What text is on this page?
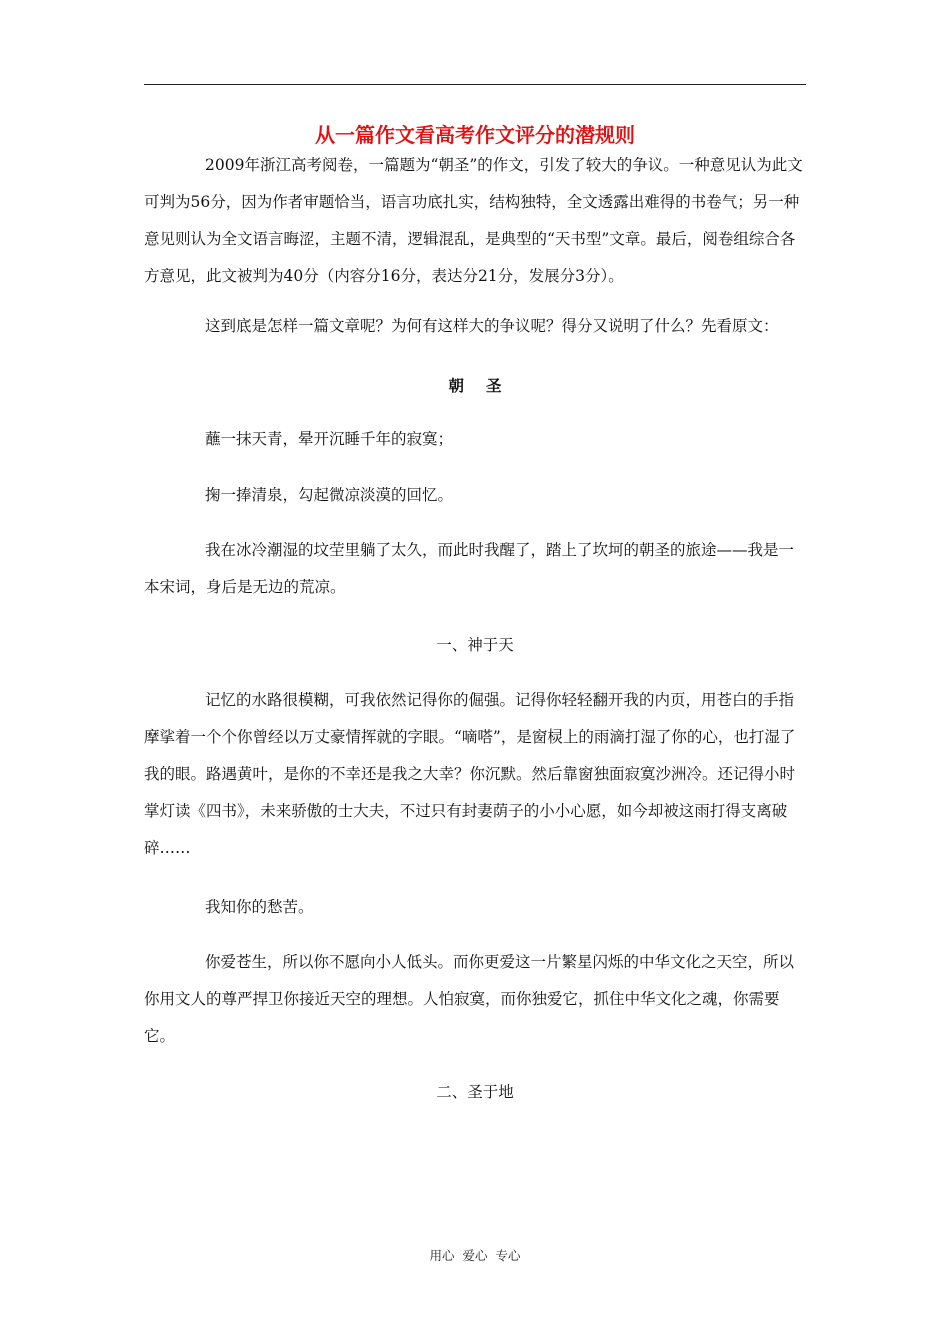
从一篇作文看高考作文评分的潜规则
2009年浙江高考阅卷，一篇题为“朝圣”的作文，引发了较大的争议。一种意见认为此文可判为56分，因为作者审题恰当，语言功底扎实，结构独特，全文透露出难得的书卷气；另一种意见则认为全文语言晦涩，主题不清，逻辑混乱，是典型的“天书型”文章。最后，阅卷组综合各方意见，此文被判为40分（内容分16分，表达分21分，发展分3分）。
这到底是怎样一篇文章呢？为何有这样大的争议呢？得分又说明了什么？先看原文：
朝圣
蘸一抹天青，晕开沉睡千年的寂寞；
掬一捧清泉，勾起微凉淡漠的回忆。
我在冰冷潮湿的坟茔里躺了太久，而此时我醒了，踏上了坎坷的朝圣的旅途——我是一本宋词，身后是无边的荒凉。
一、神于天
记忆的水路很模糊，可我依然记得你的倔强。记得你轻轻翻开我的内页，用苍白的手指摩挲着一个个你曾经以万丈豪情挥就的字眼。“嘀嗒”，是窗棂上的雨滴打湿了你的心，也打湿了我的眼。路遇黄叶，是你的不幸还是我之大幸？你沉默。然后靠窗独面寂寞沙洲冷。还记得小时掌灯读《四书》，未来骄傲的士大夫，不过只有封妻荫子的小小心愿，如今却被这雨打得支离破碎……
我知你的愁苦。
你爱苍生，所以你不愿向小人低头。而你更爱这一片繁星闪烁的中华文化之天空，所以你用文人的尊严捍卫你接近天空的理想。人怕寂寞，而你独爱它，抓住中华文化之魂，你需要它。
二、圣于地
用心  爱心  专心
